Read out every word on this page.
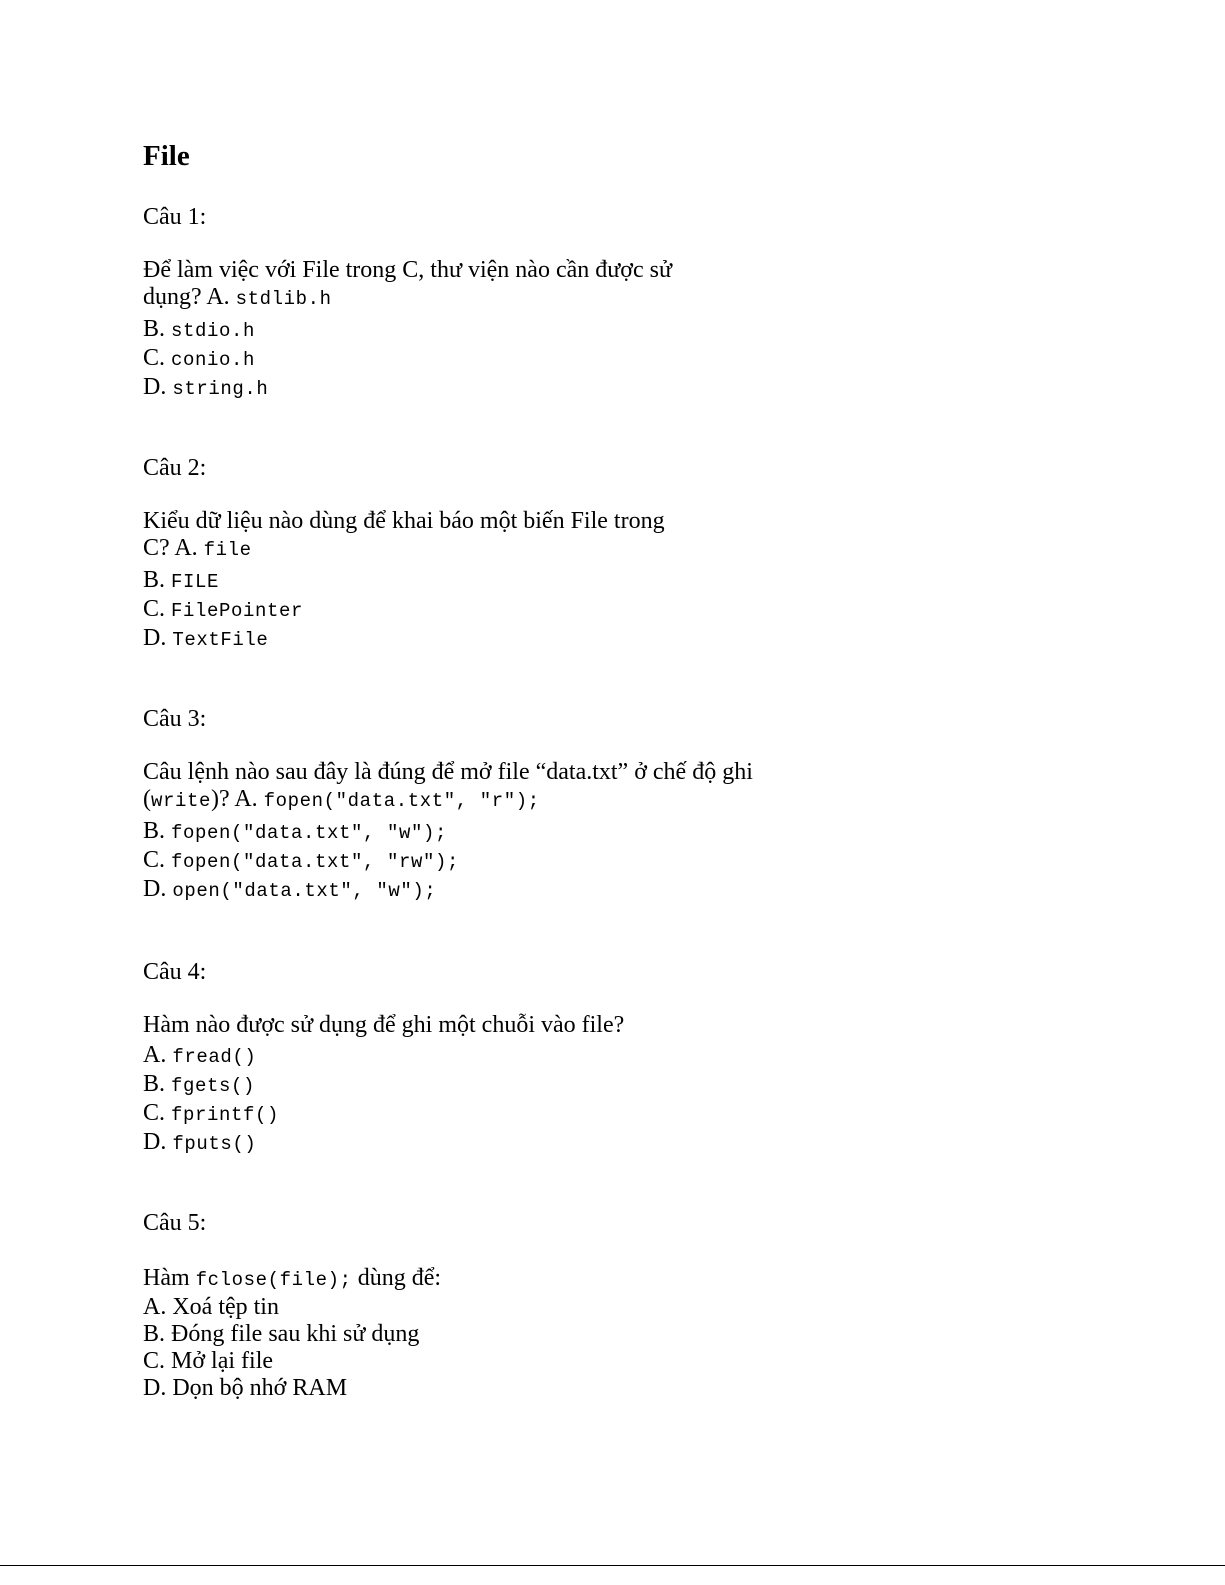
File
Câu 1:
Để làm việc với File trong C, thư viện nào cần được sử dụng? A. stdlib.h
B. stdio.h
C. conio.h
D. string.h
Câu 2:
Kiểu dữ liệu nào dùng để khai báo một biến File trong C? A. file
B. FILE
C. FilePointer
D. TextFile
Câu 3:
Câu lệnh nào sau đây là đúng để mở file “data.txt” ở chế độ ghi
(write)? A. fopen("data.txt", "r");
B. fopen("data.txt", "w");
C. fopen("data.txt", "rw");
D. open("data.txt", "w");
Câu 4:
Hàm nào được sử dụng để ghi một chuỗi vào file?
A. fread()
B. fgets()
C. fprintf()
D. fputs()
Câu 5:
Hàm fclose(file); dùng để:
A. Xoá tệp tin
B. Đóng file sau khi sử dụng
C. Mở lại file
D. Dọn bộ nhớ RAM
